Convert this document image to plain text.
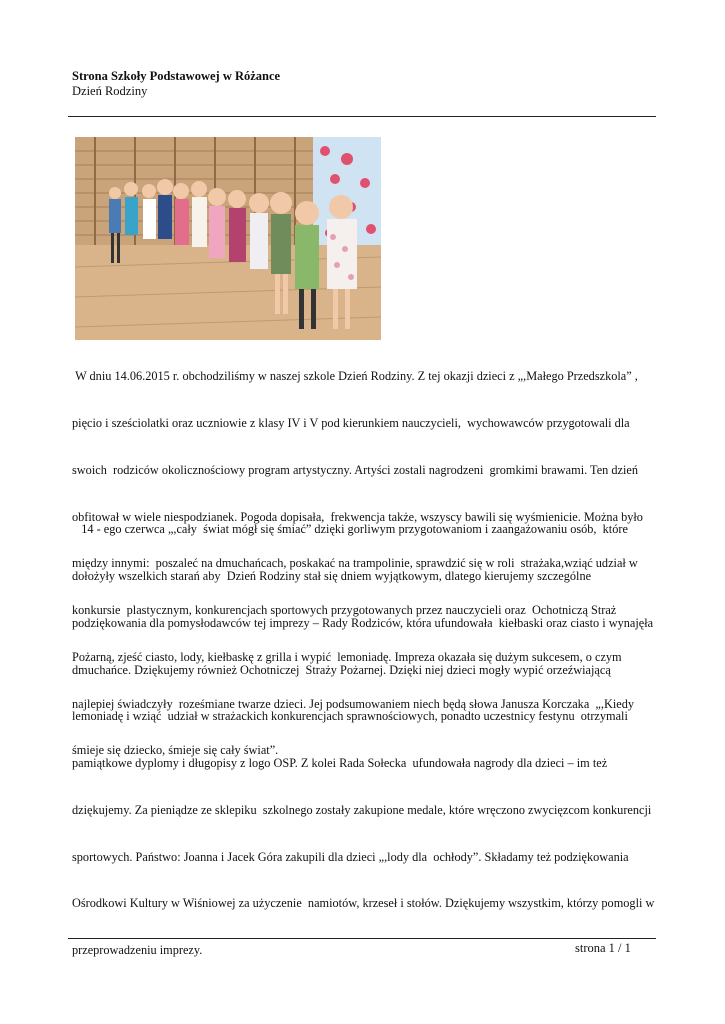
Strona Szkoły Podstawowej w Różance
Dzień Rodziny

W dniu 14.06.2015 r. obchodziliśmy w naszej szkole Dzień Rodziny. Z tej okazji dzieci z „,Małego Przedszkola” ,

pięcio i sześciolatki oraz uczniowie z klasy IV i V pod kierunkiem nauczycieli,  wychowawców przygotowali dla

swoich  rodziców okolicznościowy program artystyczny. Artyści zostali nagrodzeni  gromkimi brawami. Ten dzień

obfitował w wiele niespodzianek. Pogoda dopisała,  frekwencja także, wszyscy bawili się wyśmienicie. Można było

między innymi:  poszaleć na dmuchańcach, poskakać na trampolinie, sprawdzić się w roli  strażaka,wziąć udział w

konkursie  plastycznym, konkurencjach sportowych przygotowanych przez nauczycieli oraz  Ochotniczą Straż

Pożarną, zjeść ciasto, lody, kiełbaskę z grilla i wypić  lemoniadę. Impreza okazała się dużym sukcesem, o czym

najlepiej świadczyły  roześmiane twarze dzieci. Jej podsumowaniem niech będą słowa Janusza Korczaka  „,Kiedy

śmieje się dziecko, śmieje się cały świat”.

14 - ego czerwca „,cały  świat mógł się śmiać” dzięki gorliwym przygotowaniom i zaangażowaniu osób,  które

dołożyły wszelkich starań aby  Dzień Rodziny stał się dniem wyjątkowym, dlatego kierujemy szczególne

podziękowania dla pomysłodawców tej imprezy – Rady Rodziców, która ufundowała  kiełbaski oraz ciasto i wynajęła

dmuchańce. Dziękujemy również Ochotniczej  Straży Pożarnej. Dzięki niej dzieci mogły wypić orzeźwiającą

lemoniadę i wziąć  udział w strażackich konkurencjach sprawnościowych, ponadto uczestnicy festynu  otrzymali

pamiątkowe dyplomy i długopisy z logo OSP. Z kolei Rada Sołecka  ufundowała nagrody dla dzieci – im też

dziękujemy. Za pieniądze ze sklepiku  szkolnego zostały zakupione medale, które wręczono zwycięzcom konkurencji

sportowych. Państwo: Joanna i Jacek Góra zakupili dla dzieci „,lody dla  ochłody”. Składamy też podziękowania

Ośrodkowi Kultury w Wiśniowej za użyczenie  namiotów, krzeseł i stołów. Dziękujemy wszystkim, którzy pomogli w

przeprowadzeniu imprezy.

	strona 1 / 1
